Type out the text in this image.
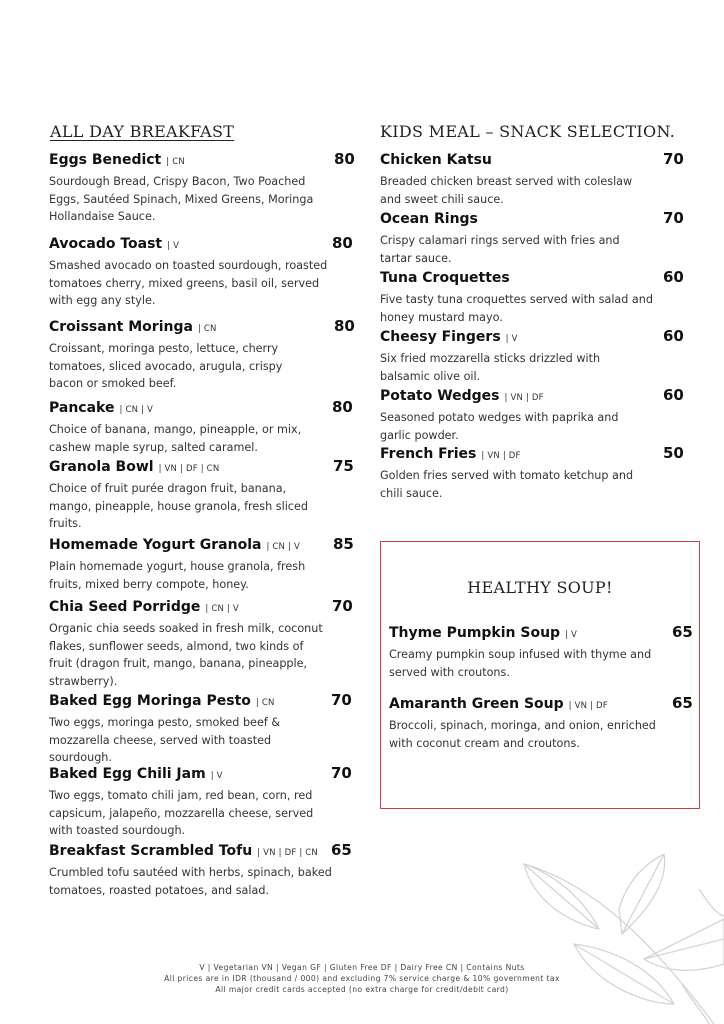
ALL DAY BREAKFAST
Eggs Benedict | CN	80

Sourdough Bread, Crispy Bacon, Two Poached Eggs, Sautéed Spinach, Mixed Greens, Moringa Hollandaise Sauce.

Avocado Toast | V	80

Smashed avocado on toasted sourdough, roasted tomatoes cherry, mixed greens, basil oil, served with egg any style.

Croissant Moringa | CN	80

Croissant, moringa pesto, lettuce, cherry tomatoes, sliced avocado, arugula, crispy bacon or smoked beef.

Pancake | CN | V	80

Choice of banana, mango, pineapple, or mix, cashew maple syrup, salted caramel.

Granola Bowl | VN | DF | CN	75

Choice of fruit purée dragon fruit, banana, mango, pineapple, house granola, fresh sliced fruits.

Homemade Yogurt Granola | CN | V 85

Plain homemade yogurt, house granola, fresh fruits, mixed berry compote, honey.

Chia Seed Porridge | CN | V	70

Organic chia seeds soaked in fresh milk, coconut flakes, sunflower seeds, almond, two kinds of fruit (dragon fruit, mango, banana, pineapple, strawberry).

Baked Egg Moringa Pesto | CN	70

Two eggs, moringa pesto, smoked beef & mozzarella cheese, served with toasted sourdough.

Baked Egg Chili Jam | V	70

Two eggs, tomato chili jam, red bean, corn, red capsicum, jalapeño, mozzarella cheese, served with toasted sourdough.

Breakfast Scrambled Tofu | VN | DF | CN 65

Crumbled tofu sautéed with herbs, spinach, baked tomatoes, roasted potatoes, and salad.

KIDS MEAL – SNACK SELECTION.
Chicken Katsu	70

Breaded chicken breast served with coleslaw and sweet chili sauce.

Ocean Rings	70

Crispy calamari rings served with fries and tartar sauce.

Tuna Croquettes	60

Five tasty tuna croquettes served with salad and honey mustard mayo.

Cheesy Fingers | V	60

Six fried mozzarella sticks drizzled with balsamic olive oil.

Potato Wedges | VN | DF	60

Seasoned potato wedges with paprika and garlic powder.

French Fries | VN | DF	50

Golden fries served with tomato ketchup and chili sauce.

HEALTHY SOUP!
Thyme Pumpkin Soup | V	65

Creamy pumpkin soup infused with thyme and served with croutons.

Amaranth Green Soup | VN | DF	65

Broccoli, spinach, moringa, and onion, enriched with coconut cream and croutons.

V | Vegetarian VN | Vegan GF | Gluten Free DF | Dairy Free CN | Contains Nuts
All prices are in IDR (thousand / 000) and excluding 7% service charge & 10% government tax
All major credit cards accepted (no extra charge for credit/debit card)
